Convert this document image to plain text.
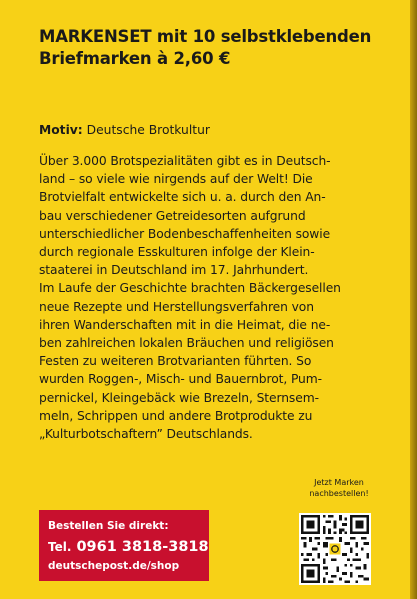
MARKENSET mit 10 selbstklebenden
Briefmarken à 2,60 €
Motiv: Deutsche Brotkultur
Über 3.000 Brotspezialitäten gibt es in Deutsch-
land – so viele wie nirgends auf der Welt! Die
Brotvielfalt entwickelte sich u. a. durch den An-
bau verschiedener Getreidesorten aufgrund
unterschiedlicher Bodenbeschaffenheiten sowie
durch regionale Esskulturen infolge der Klein-
staaterei in Deutschland im 17. Jahrhundert.
Im Laufe der Geschichte brachten Bäckergesellen
neue Rezepte und Herstellungsverfahren von
ihren Wanderschaften mit in die Heimat, die ne-
ben zahlreichen lokalen Bräuchen und religiösen
Festen zu weiteren Brotvarianten führten. So
wurden Roggen-, Misch- und Bauernbrot, Pum-
pernickel, Kleingebäck wie Brezeln, Sternsem-
meln, Schrippen und andere Brotprodukte zu
„Kulturbotschaftern” Deutschlands.
Jetzt Marken
nachbestellen!
Bestellen Sie direkt:
Tel. 0961 3818-3818
deutschepost.de/shop
